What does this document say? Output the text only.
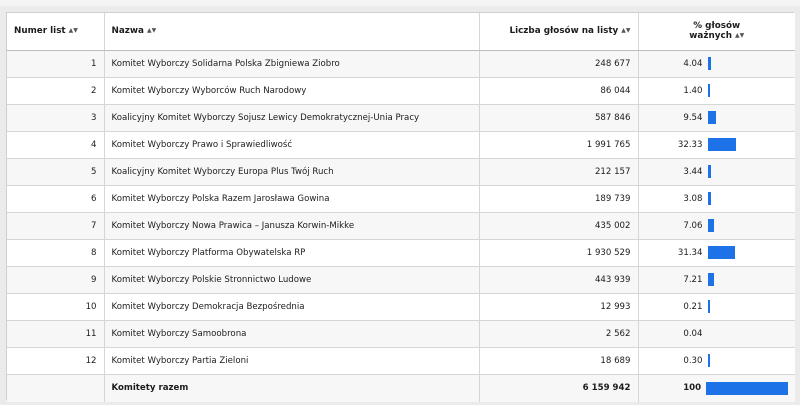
Numer list ▲▼	Nazwa ▲▼	Liczba głosów na listy ▲▼	% głosów
ważnych ▲▼

1	Komitet Wyborczy Solidarna Polska Zbigniewa Ziobro	248 677	4.04

2	Komitet Wyborczy Wyborców Ruch Narodowy	86 044	1.40

3	Koalicyjny Komitet Wyborczy Sojusz Lewicy Demokratycznej-Unia Pracy	587 846	9.54

4	Komitet Wyborczy Prawo i Sprawiedliwość	1 991 765	32.33

5	Koalicyjny Komitet Wyborczy Europa Plus Twój Ruch	212 157	3.44

6	Komitet Wyborczy Polska Razem Jarosława Gowina	189 739	3.08

7	Komitet Wyborczy Nowa Prawica – Janusza Korwin-Mikke	435 002	7.06

8	Komitet Wyborczy Platforma Obywatelska RP	1 930 529	31.34

9	Komitet Wyborczy Polskie Stronnictwo Ludowe	443 939	7.21

10	Komitet Wyborczy Demokracja Bezpośrednia	12 993	0.21

11	Komitet Wyborczy Samoobrona	2 562	0.04

12	Komitet Wyborczy Partia Zieloni	18 689	0.30

	Komitety razem	6 159 942	100
